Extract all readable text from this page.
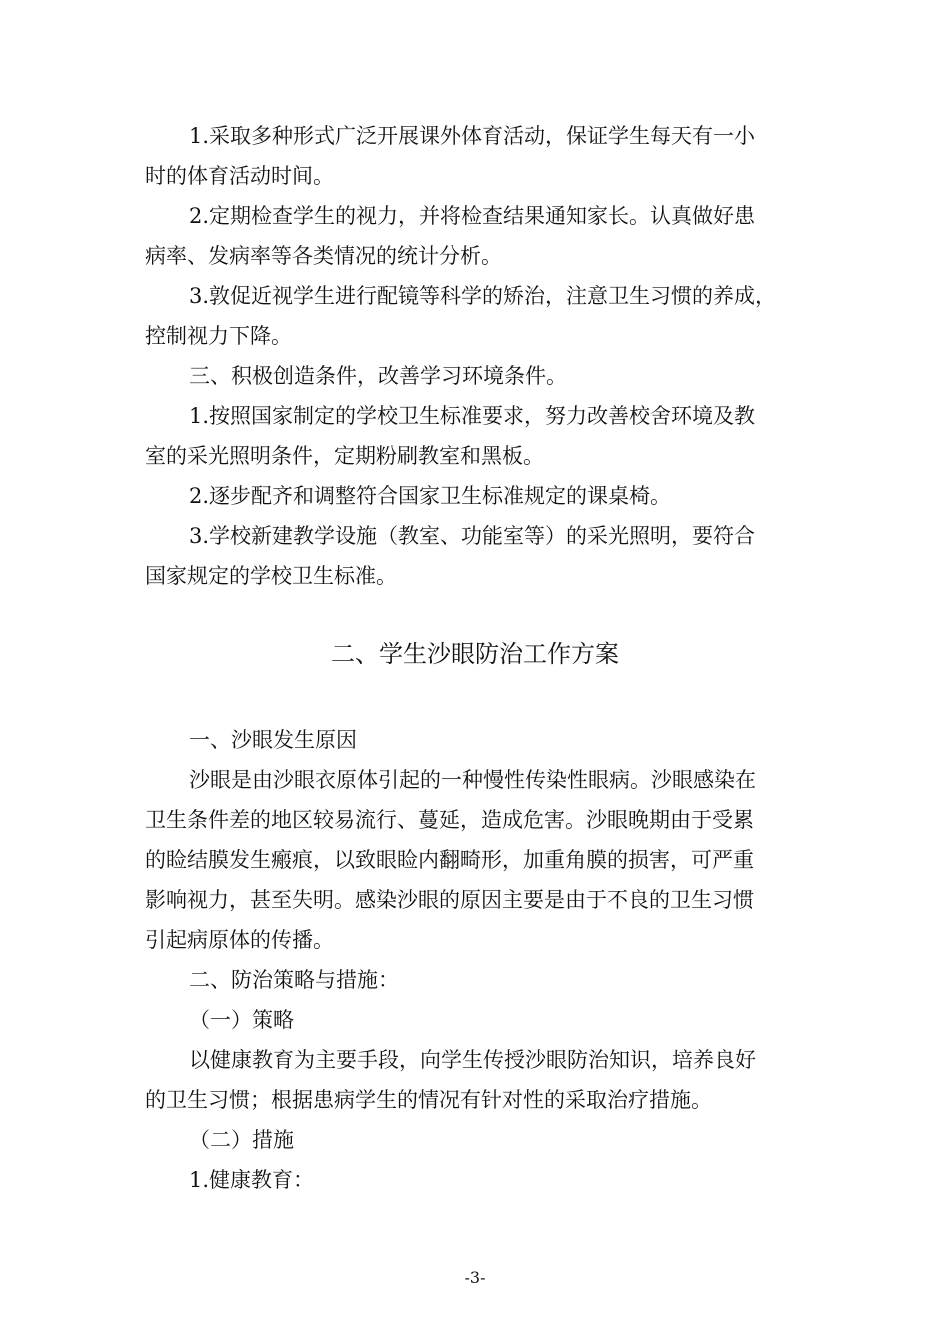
1.采取多种形式广泛开展课外体育活动，保证学生每天有一小
时的体育活动时间。
2.定期检查学生的视力，并将检查结果通知家长。认真做好患
病率、发病率等各类情况的统计分析。
3.敦促近视学生进行配镜等科学的矫治，注意卫生习惯的养成，
控制视力下降。
三、积极创造条件，改善学习环境条件。
1.按照国家制定的学校卫生标准要求，努力改善校舍环境及教
室的采光照明条件，定期粉刷教室和黑板。
2.逐步配齐和调整符合国家卫生标准规定的课桌椅。
3.学校新建教学设施（教室、功能室等）的采光照明，要符合
国家规定的学校卫生标准。
二、学生沙眼防治工作方案
一、沙眼发生原因
沙眼是由沙眼衣原体引起的一种慢性传染性眼病。沙眼感染在
卫生条件差的地区较易流行、蔓延，造成危害。沙眼晚期由于受累
的睑结膜发生瘢痕，以致眼睑内翻畸形，加重角膜的损害，可严重
影响视力，甚至失明。感染沙眼的原因主要是由于不良的卫生习惯
引起病原体的传播。
二、防治策略与措施：
（一）策略
以健康教育为主要手段，向学生传授沙眼防治知识，培养良好
的卫生习惯；根据患病学生的情况有针对性的采取治疗措施。
（二）措施
1.健康教育：
-3-
